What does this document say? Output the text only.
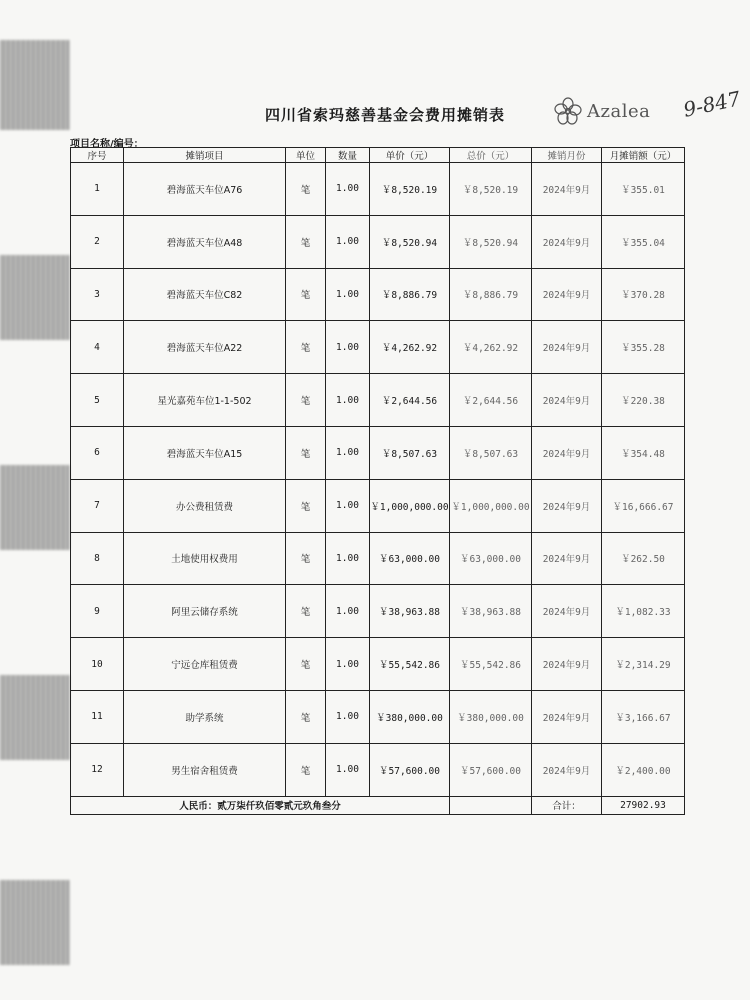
四川省索玛慈善基金会费用摊销表	Azalea 9-847
项目名称/编号：
序号	摊销项目	单位	数量	单价（元）	总价（元）	摊销月份	月摊销额（元）
1	碧海蓝天车位A76	笔	1.00	￥8,520.19	￥8,520.19	2024年9月	￥355.01
2	碧海蓝天车位A48	笔	1.00	￥8,520.94	￥8,520.94	2024年9月	￥355.04
3	碧海蓝天车位C82	笔	1.00	￥8,886.79	￥8,886.79	2024年9月	￥370.28
4	碧海蓝天车位A22	笔	1.00	￥4,262.92	￥4,262.92	2024年9月	￥355.28
5	星光嘉苑车位1-1-502	笔	1.00	￥2,644.56	￥2,644.56	2024年9月	￥220.38
6	碧海蓝天车位A15	笔	1.00	￥8,507.63	￥8,507.63	2024年9月	￥354.48
7	办公费租赁费	笔	1.00	￥1,000,000.00	￥1,000,000.00	2024年9月	￥16,666.67
8	土地使用权费用	笔	1.00	￥63,000.00	￥63,000.00	2024年9月	￥262.50
9	阿里云储存系统	笔	1.00	￥38,963.88	￥38,963.88	2024年9月	￥1,082.33
10	宁远仓库租赁费	笔	1.00	￥55,542.86	￥55,542.86	2024年9月	￥2,314.29
11	助学系统	笔	1.00	￥380,000.00	￥380,000.00	2024年9月	￥3,166.67
12	男生宿舍租赁费	笔	1.00	￥57,600.00	￥57,600.00	2024年9月	￥2,400.00
人民币：贰万柒仟玖佰零贰元玖角叁分						合计：	27902.93
